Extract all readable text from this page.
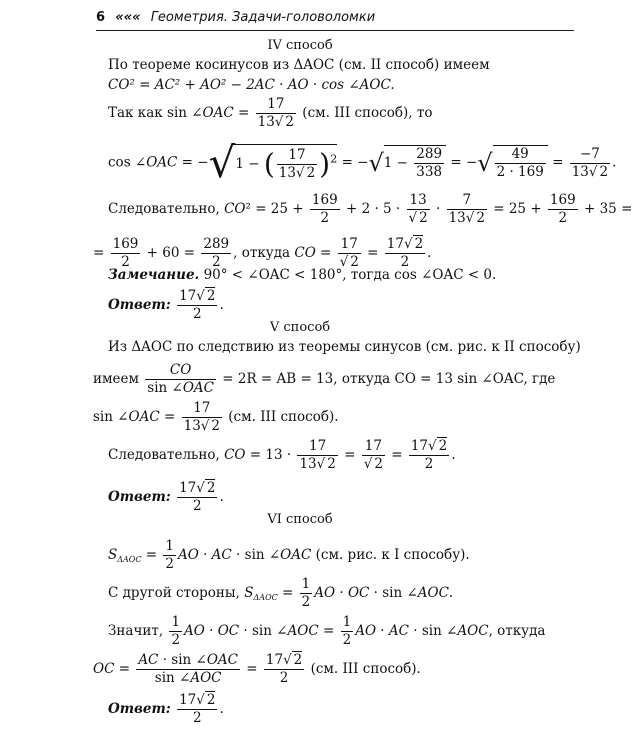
6 ««« Геометрия. Задачи-головоломки
IV способ
По теореме косинусов из ΔAOC (см. II способ) имеем
CO² = AC² + AO² − 2AC · AO · cos ∠AOC.
Так как sin ∠OAC = $\frac{17}{13√ 2} (см$. III способ), то
cos ∠OAC = −√1 − ( $\frac{17}{13√ 2} )^2 = -√1 - \frac{289}{338}$ = −√ $\frac{49}{2 \cdot 169} = \frac{-7}{13√ 2}$ .
Следовательно, $CO^2 = 25 + \frac{169}{2} + 2 \cdot 5 \cdot \frac{13}{√ 2} \cdot \frac{7}{13√ 2} = 25 + \frac{169}{2} + 35$ =
= $\frac{169}{2} + 60 = \frac{289}{2}$ , откуда CO = $\frac{17}{√ 2} = \frac{17√ 2}{2}$ .
Замечание. 90° < ∠OAC < 180°, тогда cos ∠OAC < 0.
Ответ: $\frac{17√ 2}{2}$ .
V способ
Из ΔAOC по следствию из теоремы синусов (см. рис. к II способу)
имеем $\frac{CO}{\text{sin ∠OAC}} = 2R$ = AB = 13, откуда CO = 13 sin ∠OAC, где
sin ∠OAC = $\frac{17}{13√ 2} (см$. III способ).
Следовательно, CO = $13 \cdot \frac{17}{13√ 2} = \frac{17}{√ 2} = \frac{17√ 2}{2}$ .
Ответ: $\frac{17√ 2}{2}$ .
VI способ
$S_{\Delta AOC} = \frac{1}{2}$ AO · AC · sin ∠OAC (см. рис. к I способу).
С другой стороны, $S_{\Delta AOC} = \frac{1}{2}$ AO · OC · sin ∠AOC.
Значит, $\frac{1}{2}$ AO · OC · sin ∠AOC = $\frac{1}{2}$ AO · AC · sin ∠AOC, откуда
OC = $\frac{\text{AC · sin ∠OAC}}{\text{sin ∠AOC}} = \frac{17√ 2}{2} (см$. III способ).
Ответ: $\frac{17√ 2}{2}$ .
